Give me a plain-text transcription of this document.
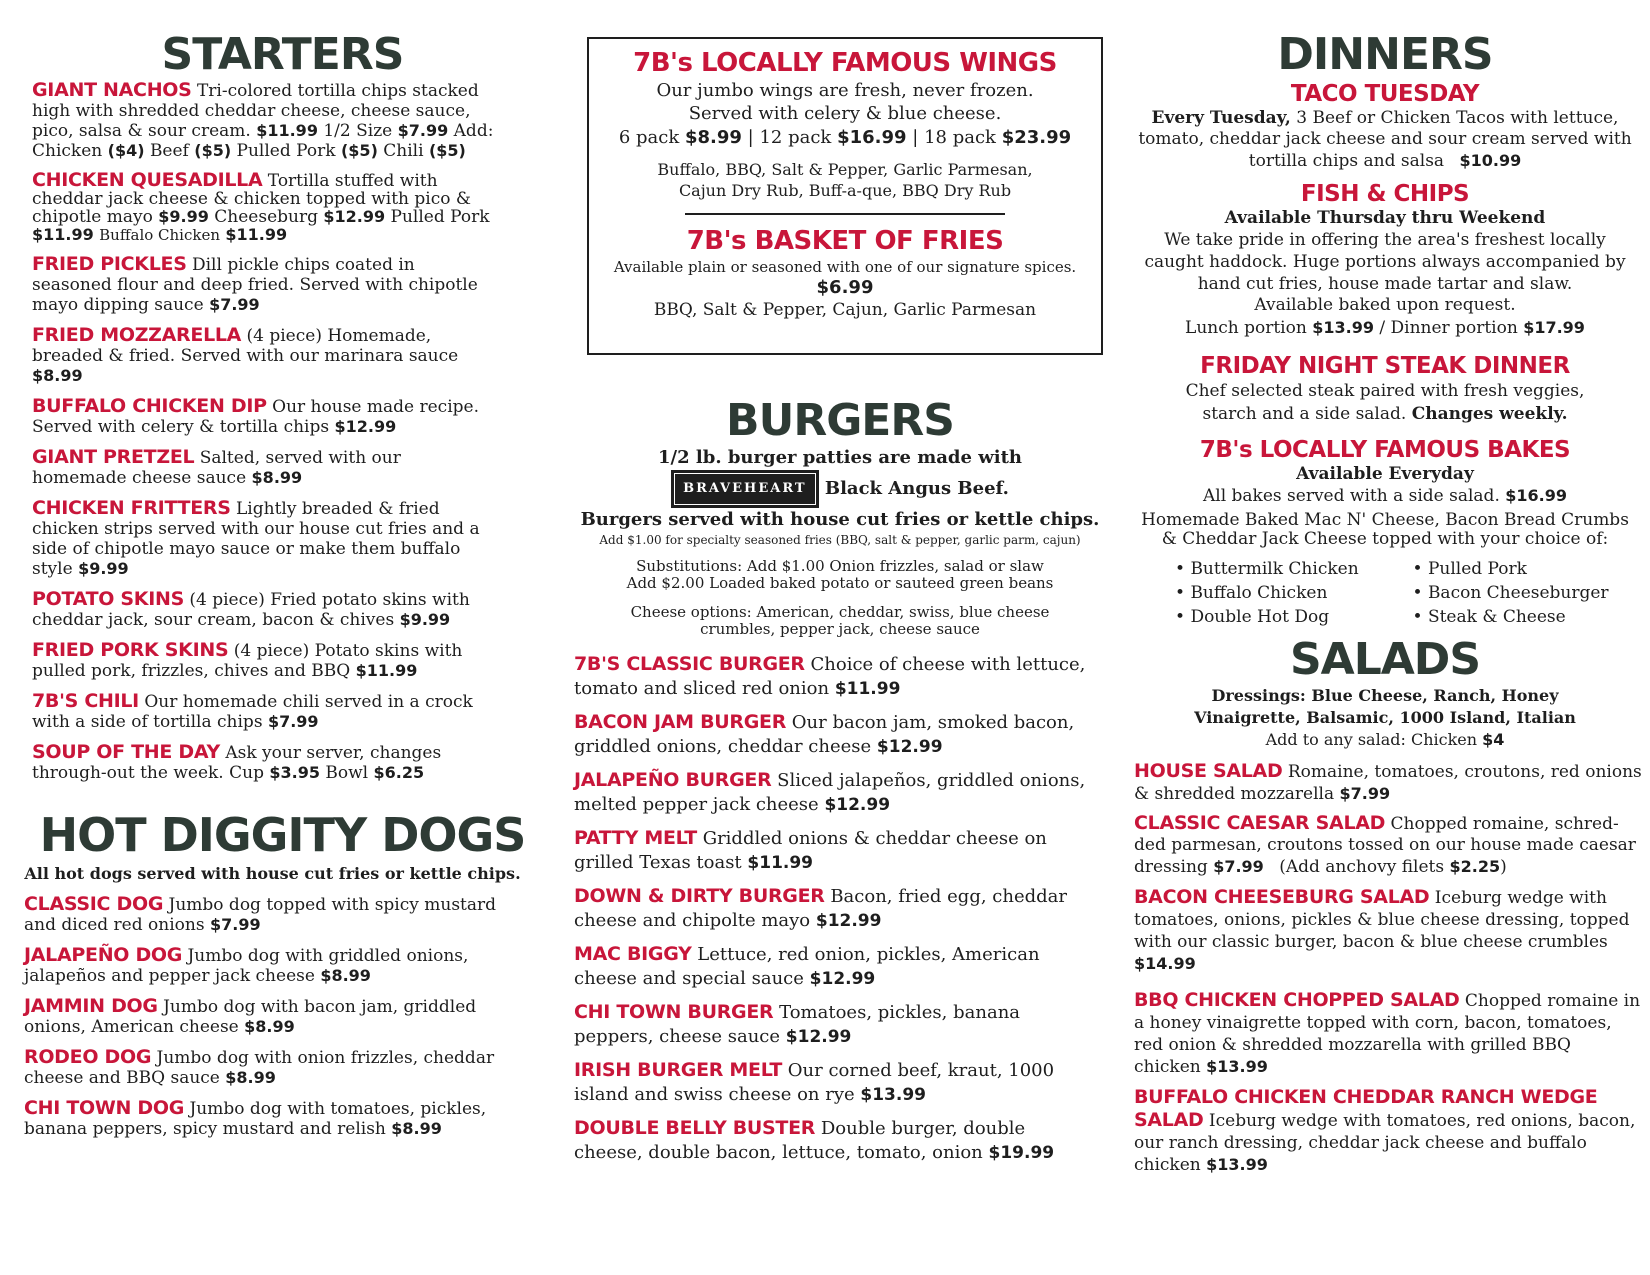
STARTERS

GIANT NACHOS Tri-colored tortilla chips stacked high with shredded cheddar cheese, cheese sauce, pico, salsa & sour cream. $11.99 1/2 Size $7.99 Add: Chicken ($4) Beef ($5) Pulled Pork ($5) Chili ($5)

CHICKEN QUESADILLA Tortilla stuffed with cheddar jack cheese & chicken topped with pico & chipotle mayo $9.99 Cheeseburg $12.99 Pulled Pork $11.99 Buffalo Chicken $11.99

FRIED PICKLES Dill pickle chips coated in seasoned flour and deep fried. Served with chipotle mayo dipping sauce $7.99

FRIED MOZZARELLA (4 piece) Homemade, breaded & fried. Served with our marinara sauce $8.99

BUFFALO CHICKEN DIP Our house made recipe. Served with celery & tortilla chips $12.99

GIANT PRETZEL Salted, served with our homemade cheese sauce $8.99

CHICKEN FRITTERS Lightly breaded & fried chicken strips served with our house cut fries and a side of chipotle mayo sauce or make them buffalo style $9.99

POTATO SKINS (4 piece) Fried potato skins with cheddar jack, sour cream, bacon & chives $9.99

FRIED PORK SKINS (4 piece) Potato skins with pulled pork, frizzles, chives and BBQ $11.99

7B'S CHILI Our homemade chili served in a crock with a side of tortilla chips $7.99

SOUP OF THE DAY Ask your server, changes through-out the week. Cup $3.95 Bowl $6.25

HOT DIGGITY DOGS
All hot dogs served with house cut fries or kettle chips.

CLASSIC DOG Jumbo dog topped with spicy mustard and diced red onions $7.99

JALAPEÑO DOG Jumbo dog with griddled onions, jalapeños and pepper jack cheese $8.99

JAMMIN DOG Jumbo dog with bacon jam, griddled onions, American cheese $8.99

RODEO DOG Jumbo dog with onion frizzles, cheddar cheese and BBQ sauce $8.99

CHI TOWN DOG Jumbo dog with tomatoes, pickles, banana peppers, spicy mustard and relish $8.99

7B's LOCALLY FAMOUS WINGS
Our jumbo wings are fresh, never frozen.
Served with celery & blue cheese.
6 pack $8.99 | 12 pack $16.99 | 18 pack $23.99
Buffalo, BBQ, Salt & Pepper, Garlic Parmesan,
Cajun Dry Rub, Buff-a-que, BBQ Dry Rub
7B's BASKET OF FRIES
Available plain or seasoned with one of our signature spices.
$6.99
BBQ, Salt & Pepper, Cajun, Garlic Parmesan
BURGERS
1/2 lb. burger patties are made with
BRAVEHEART Black Angus Beef.
Burgers served with house cut fries or kettle chips.
Add $1.00 for specialty seasoned fries (BBQ, salt & pepper, garlic parm, cajun)
Substitutions: Add $1.00 Onion frizzles, salad or slaw
Add $2.00 Loaded baked potato or sauteed green beans
Cheese options: American, cheddar, swiss, blue cheese
crumbles, pepper jack, cheese sauce

7B'S CLASSIC BURGER Choice of cheese with lettuce, tomato and sliced red onion $11.99

BACON JAM BURGER Our bacon jam, smoked bacon, griddled onions, cheddar cheese $12.99

JALAPEÑO BURGER Sliced jalapeños, griddled onions, melted pepper jack cheese $12.99

PATTY MELT Griddled onions & cheddar cheese on grilled Texas toast $11.99

DOWN & DIRTY BURGER Bacon, fried egg, cheddar cheese and chipolte mayo $12.99

MAC BIGGY Lettuce, red onion, pickles, American cheese and special sauce $12.99

CHI TOWN BURGER Tomatoes, pickles, banana peppers, cheese sauce $12.99

IRISH BURGER MELT Our corned beef, kraut, 1000 island and swiss cheese on rye $13.99

DOUBLE BELLY BUSTER Double burger, double cheese, double bacon, lettuce, tomato, onion $19.99

DINNERS
TACO TUESDAY
Every Tuesday, 3 Beef or Chicken Tacos with lettuce, tomato, cheddar jack cheese and sour cream served with tortilla chips and salsa $10.99
FISH & CHIPS
Available Thursday thru Weekend
We take pride in offering the area's freshest locally caught haddock. Huge portions always accompanied by hand cut fries, house made tartar and slaw.
Available baked upon request.
Lunch portion $13.99 / Dinner portion $17.99
FRIDAY NIGHT STEAK DINNER
Chef selected steak paired with fresh veggies, starch and a side salad. Changes weekly.
7B's LOCALLY FAMOUS BAKES
Available Everyday
All bakes served with a side salad. $16.99
Homemade Baked Mac N' Cheese, Bacon Bread Crumbs & Cheddar Jack Cheese topped with your choice of:
• Buttermilk Chicken	• Pulled Pork
• Buffalo Chicken	• Bacon Cheeseburger
• Double Hot Dog	• Steak & Cheese
SALADS
Dressings: Blue Cheese, Ranch, Honey Vinaigrette, Balsamic, 1000 Island, Italian
Add to any salad: Chicken $4

HOUSE SALAD Romaine, tomatoes, croutons, red onions & shredded mozzarella $7.99

CLASSIC CAESAR SALAD Chopped romaine, schred-ded parmesan, croutons tossed on our house made caesar dressing $7.99 (Add anchovy filets $2.25)

BACON CHEESEBURG SALAD Iceburg wedge with tomatoes, onions, pickles & blue cheese dressing, topped with our classic burger, bacon & blue cheese crumbles $14.99

BBQ CHICKEN CHOPPED SALAD Chopped romaine in a honey vinaigrette topped with corn, bacon, tomatoes, red onion & shredded mozzarella with grilled BBQ chicken $13.99

BUFFALO CHICKEN CHEDDAR RANCH WEDGE SALAD Iceburg wedge with tomatoes, red onions, bacon, our ranch dressing, cheddar jack cheese and buffalo chicken $13.99
